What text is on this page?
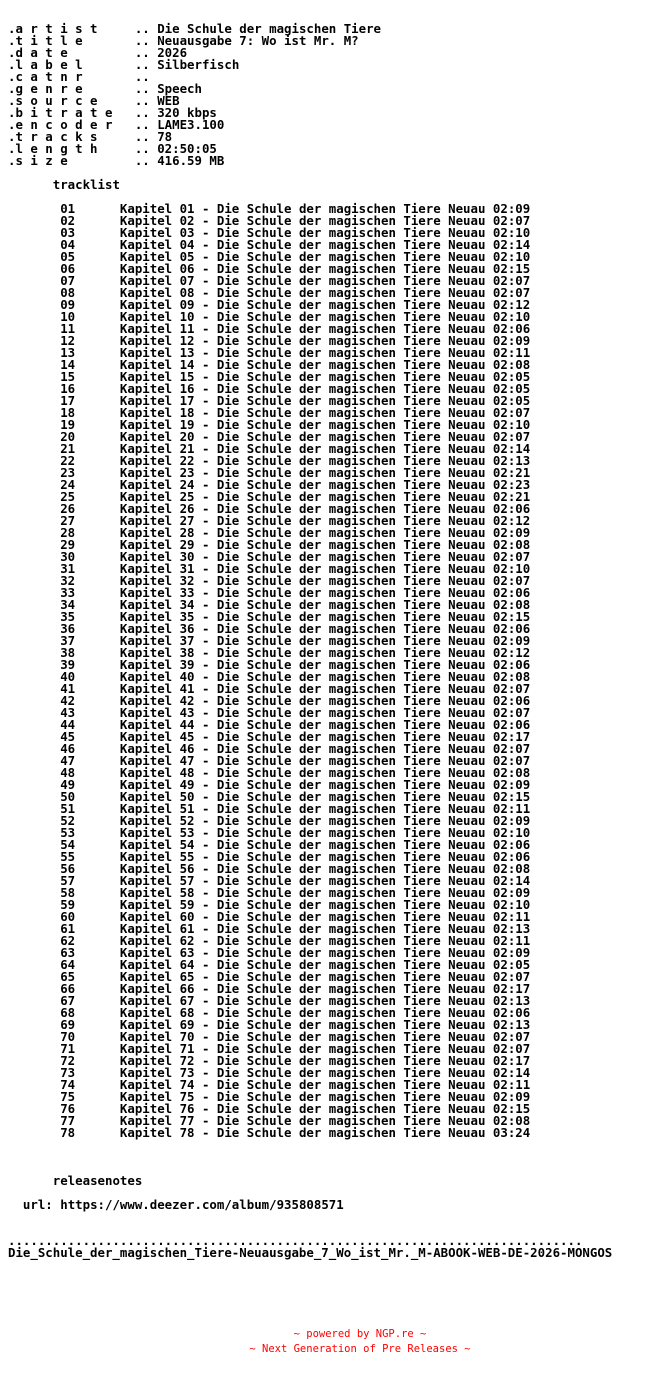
.a r t i s t     .. Die Schule der magischen Tiere
.t i t l e       .. Neuausgabe 7: Wo ist Mr. M?
.d a t e         .. 2026
.l a b e l       .. Silberfisch
.c a t n r       ..
.g e n r e       .. Speech
.s o u r c e     .. WEB
.b i t r a t e   .. 320 kbps
.e n c o d e r   .. LAME3.100
.t r a c k s     .. 78
.l e n g t h     .. 02:50:05
.s i z e         .. 416.59 MB

tracklist

01	Kapitel 01 - Die Schule der magischen Tiere Neuau 02:09
02	Kapitel 02 - Die Schule der magischen Tiere Neuau 02:07
03	Kapitel 03 - Die Schule der magischen Tiere Neuau 02:10
04	Kapitel 04 - Die Schule der magischen Tiere Neuau 02:14
05	Kapitel 05 - Die Schule der magischen Tiere Neuau 02:10
06	Kapitel 06 - Die Schule der magischen Tiere Neuau 02:15
07	Kapitel 07 - Die Schule der magischen Tiere Neuau 02:07
08	Kapitel 08 - Die Schule der magischen Tiere Neuau 02:07
09	Kapitel 09 - Die Schule der magischen Tiere Neuau 02:12
10	Kapitel 10 - Die Schule der magischen Tiere Neuau 02:10
11	Kapitel 11 - Die Schule der magischen Tiere Neuau 02:06
12	Kapitel 12 - Die Schule der magischen Tiere Neuau 02:09
13	Kapitel 13 - Die Schule der magischen Tiere Neuau 02:11
14	Kapitel 14 - Die Schule der magischen Tiere Neuau 02:08
15	Kapitel 15 - Die Schule der magischen Tiere Neuau 02:05
16	Kapitel 16 - Die Schule der magischen Tiere Neuau 02:05
17	Kapitel 17 - Die Schule der magischen Tiere Neuau 02:05
18	Kapitel 18 - Die Schule der magischen Tiere Neuau 02:07
19	Kapitel 19 - Die Schule der magischen Tiere Neuau 02:10
20	Kapitel 20 - Die Schule der magischen Tiere Neuau 02:07
21	Kapitel 21 - Die Schule der magischen Tiere Neuau 02:14
22	Kapitel 22 - Die Schule der magischen Tiere Neuau 02:13
23	Kapitel 23 - Die Schule der magischen Tiere Neuau 02:21
24	Kapitel 24 - Die Schule der magischen Tiere Neuau 02:23
25	Kapitel 25 - Die Schule der magischen Tiere Neuau 02:21
26	Kapitel 26 - Die Schule der magischen Tiere Neuau 02:06
27	Kapitel 27 - Die Schule der magischen Tiere Neuau 02:12
28	Kapitel 28 - Die Schule der magischen Tiere Neuau 02:09
29	Kapitel 29 - Die Schule der magischen Tiere Neuau 02:08
30	Kapitel 30 - Die Schule der magischen Tiere Neuau 02:07
31	Kapitel 31 - Die Schule der magischen Tiere Neuau 02:10
32	Kapitel 32 - Die Schule der magischen Tiere Neuau 02:07
33	Kapitel 33 - Die Schule der magischen Tiere Neuau 02:06
34	Kapitel 34 - Die Schule der magischen Tiere Neuau 02:08
35	Kapitel 35 - Die Schule der magischen Tiere Neuau 02:15
36	Kapitel 36 - Die Schule der magischen Tiere Neuau 02:06
37	Kapitel 37 - Die Schule der magischen Tiere Neuau 02:09
38	Kapitel 38 - Die Schule der magischen Tiere Neuau 02:12
39	Kapitel 39 - Die Schule der magischen Tiere Neuau 02:06
40	Kapitel 40 - Die Schule der magischen Tiere Neuau 02:08
41	Kapitel 41 - Die Schule der magischen Tiere Neuau 02:07
42	Kapitel 42 - Die Schule der magischen Tiere Neuau 02:06
43	Kapitel 43 - Die Schule der magischen Tiere Neuau 02:07
44	Kapitel 44 - Die Schule der magischen Tiere Neuau 02:06
45	Kapitel 45 - Die Schule der magischen Tiere Neuau 02:17
46	Kapitel 46 - Die Schule der magischen Tiere Neuau 02:07
47	Kapitel 47 - Die Schule der magischen Tiere Neuau 02:07
48	Kapitel 48 - Die Schule der magischen Tiere Neuau 02:08
49	Kapitel 49 - Die Schule der magischen Tiere Neuau 02:09
50	Kapitel 50 - Die Schule der magischen Tiere Neuau 02:15
51	Kapitel 51 - Die Schule der magischen Tiere Neuau 02:11
52	Kapitel 52 - Die Schule der magischen Tiere Neuau 02:09
53	Kapitel 53 - Die Schule der magischen Tiere Neuau 02:10
54	Kapitel 54 - Die Schule der magischen Tiere Neuau 02:06
55	Kapitel 55 - Die Schule der magischen Tiere Neuau 02:06
56	Kapitel 56 - Die Schule der magischen Tiere Neuau 02:08
57	Kapitel 57 - Die Schule der magischen Tiere Neuau 02:14
58	Kapitel 58 - Die Schule der magischen Tiere Neuau 02:09
59	Kapitel 59 - Die Schule der magischen Tiere Neuau 02:10
60	Kapitel 60 - Die Schule der magischen Tiere Neuau 02:11
61	Kapitel 61 - Die Schule der magischen Tiere Neuau 02:13
62	Kapitel 62 - Die Schule der magischen Tiere Neuau 02:11
63	Kapitel 63 - Die Schule der magischen Tiere Neuau 02:09
64	Kapitel 64 - Die Schule der magischen Tiere Neuau 02:05
65	Kapitel 65 - Die Schule der magischen Tiere Neuau 02:07
66	Kapitel 66 - Die Schule der magischen Tiere Neuau 02:17
67	Kapitel 67 - Die Schule der magischen Tiere Neuau 02:13
68	Kapitel 68 - Die Schule der magischen Tiere Neuau 02:06
69	Kapitel 69 - Die Schule der magischen Tiere Neuau 02:13
70	Kapitel 70 - Die Schule der magischen Tiere Neuau 02:07
71	Kapitel 71 - Die Schule der magischen Tiere Neuau 02:07
72	Kapitel 72 - Die Schule der magischen Tiere Neuau 02:17
73	Kapitel 73 - Die Schule der magischen Tiere Neuau 02:14
74	Kapitel 74 - Die Schule der magischen Tiere Neuau 02:11
75	Kapitel 75 - Die Schule der magischen Tiere Neuau 02:09
76	Kapitel 76 - Die Schule der magischen Tiere Neuau 02:15
77	Kapitel 77 - Die Schule der magischen Tiere Neuau 02:08
78	Kapitel 78 - Die Schule der magischen Tiere Neuau 03:24

releasenotes

url: https://www.deezer.com/album/935808571

.............................................................................
Die_Schule_der_magischen_Tiere-Neuausgabe_7_Wo_ist_Mr._M-ABOOK-WEB-DE-2026-MONGOS
~ powered by NGP.re ~
~ Next Generation of Pre Releases ~
